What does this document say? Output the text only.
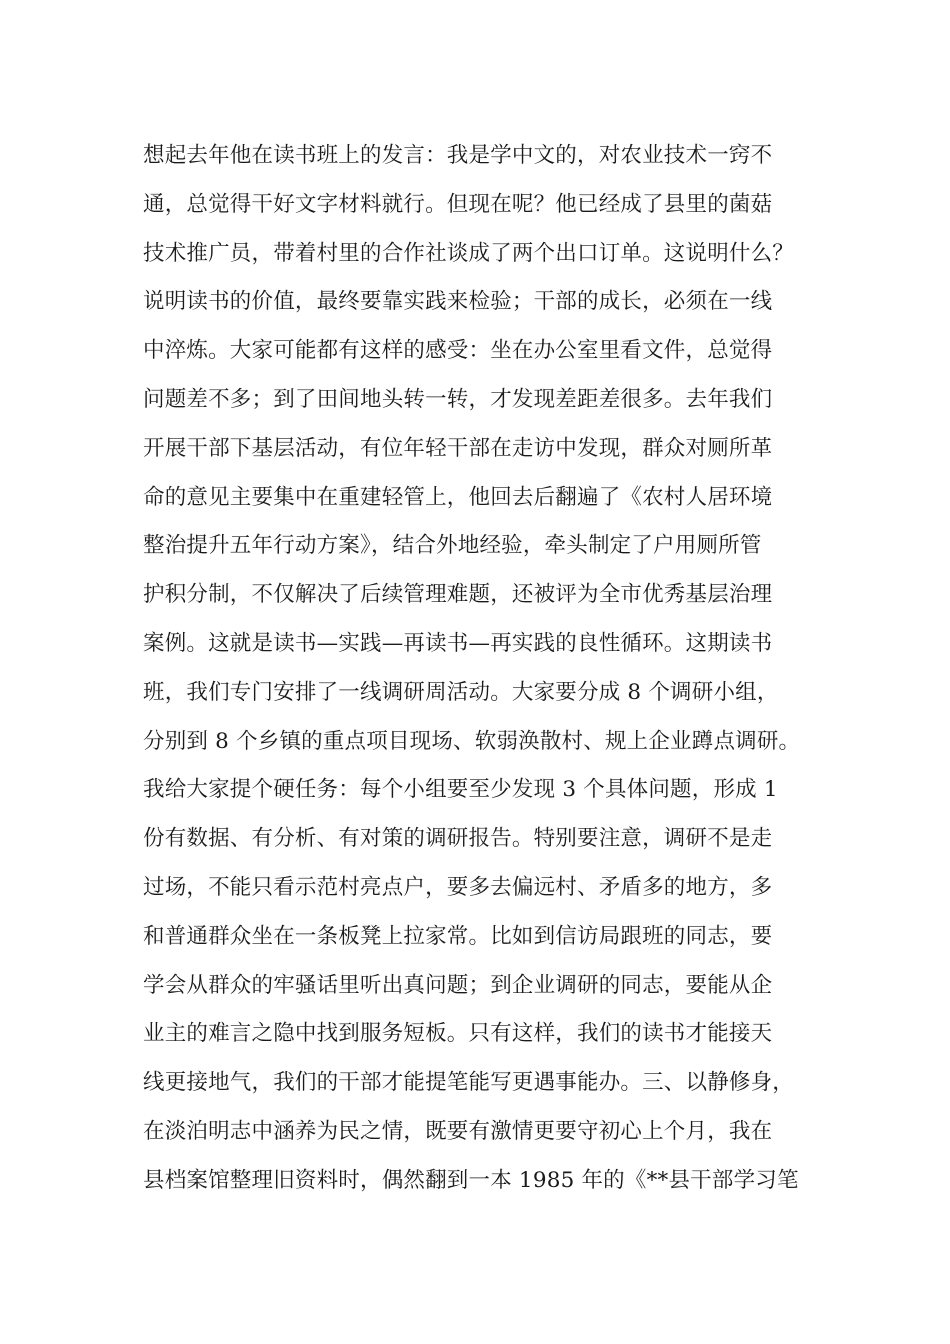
想起去年他在读书班上的发言：我是学中文的，对农业技术一窍不
通，总觉得干好文字材料就行。但现在呢？他已经成了县里的菌菇
技术推广员，带着村里的合作社谈成了两个出口订单。这说明什么？
说明读书的价值，最终要靠实践来检验；干部的成长，必须在一线
中淬炼。大家可能都有这样的感受：坐在办公室里看文件，总觉得
问题差不多；到了田间地头转一转，才发现差距差很多。去年我们
开展干部下基层活动，有位年轻干部在走访中发现，群众对厕所革
命的意见主要集中在重建轻管上，他回去后翻遍了《农村人居环境
整治提升五年行动方案》，结合外地经验，牵头制定了户用厕所管
护积分制，不仅解决了后续管理难题，还被评为全市优秀基层治理
案例。这就是读书—实践—再读书—再实践的良性循环。这期读书
班，我们专门安排了一线调研周活动。大家要分成 8 个调研小组，
分别到 8 个乡镇的重点项目现场、软弱涣散村、规上企业蹲点调研。
我给大家提个硬任务：每个小组要至少发现 3 个具体问题，形成 1
份有数据、有分析、有对策的调研报告。特别要注意，调研不是走
过场，不能只看示范村亮点户，要多去偏远村、矛盾多的地方，多
和普通群众坐在一条板凳上拉家常。比如到信访局跟班的同志，要
学会从群众的牢骚话里听出真问题；到企业调研的同志，要能从企
业主的难言之隐中找到服务短板。只有这样，我们的读书才能接天
线更接地气，我们的干部才能提笔能写更遇事能办。三、以静修身，
在淡泊明志中涵养为民之情，既要有激情更要守初心上个月，我在
县档案馆整理旧资料时，偶然翻到一本 1985 年的《**县干部学习笔
